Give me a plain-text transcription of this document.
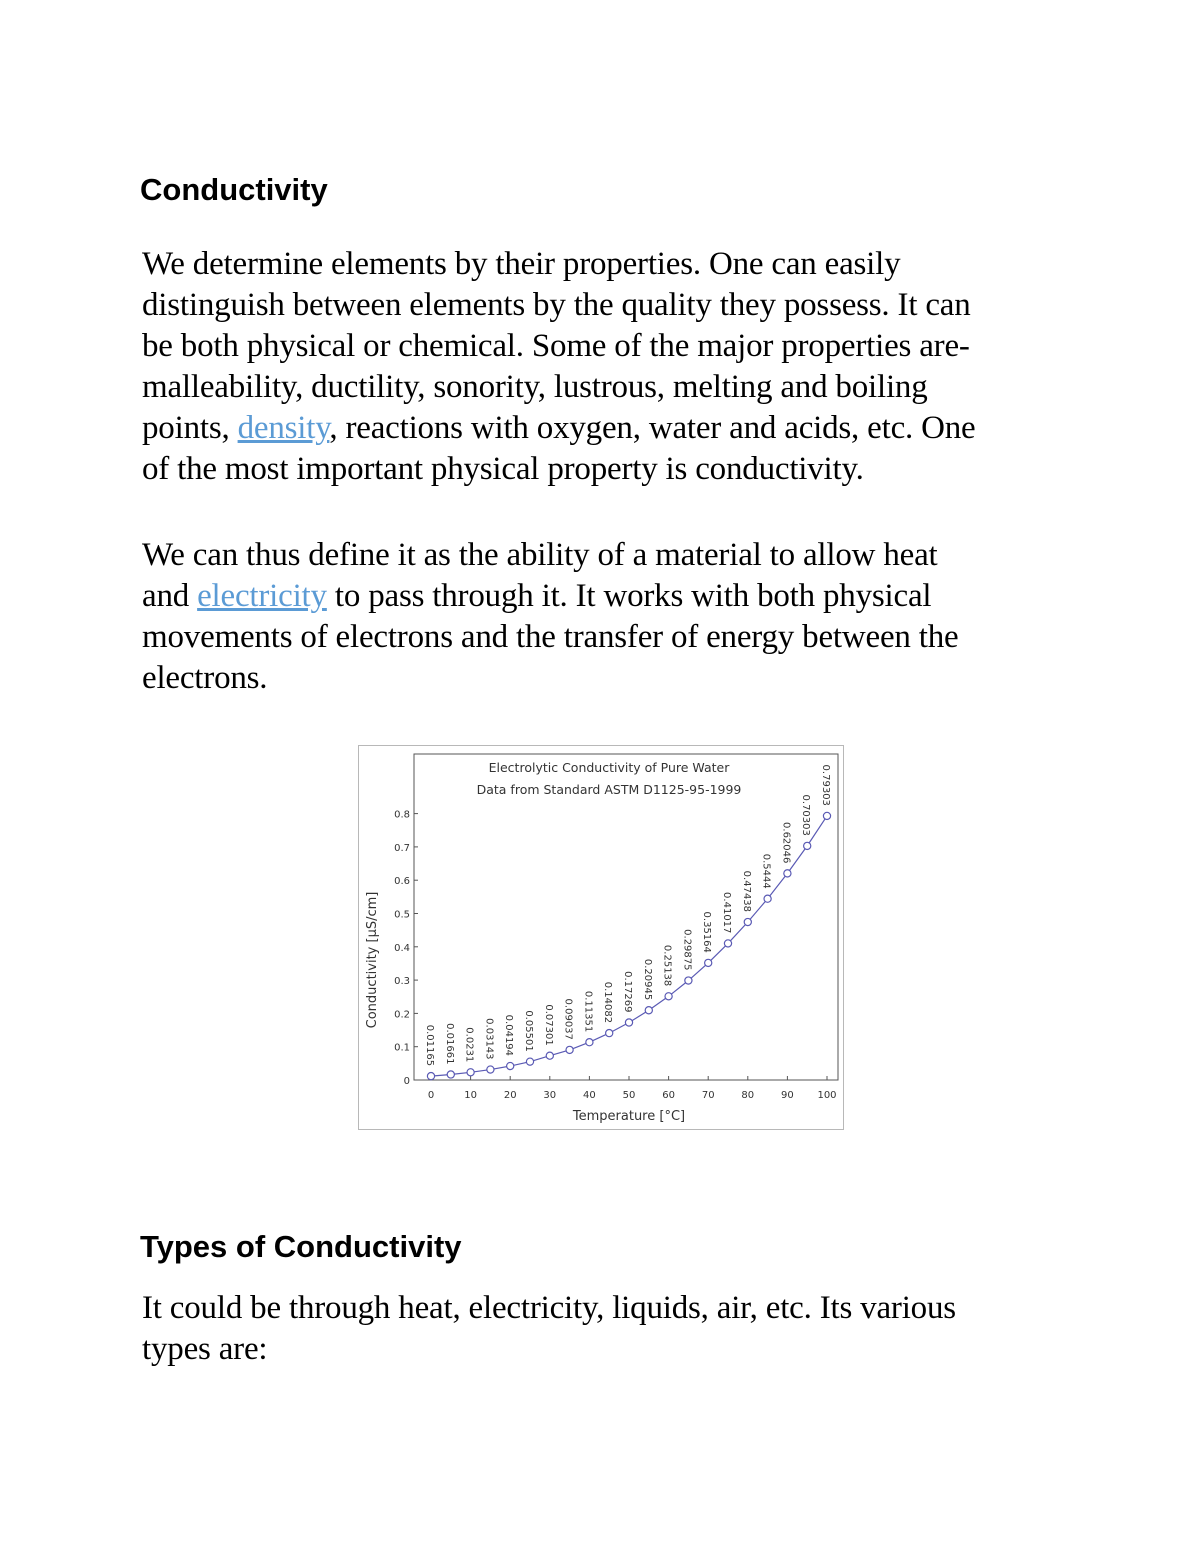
Conductivity

We determine elements by their properties. One can easily
distinguish between elements by the quality they possess. It can
be both physical or chemical. Some of the major properties are-
malleability, ductility, sonority, lustrous, melting and boiling
points, density, reactions with oxygen, water and acids, etc. One
of the most important physical property is conductivity.

We can thus define it as the ability of a material to allow heat
and electricity to pass through it. It works with both physical
movements of electrons and the transfer of energy between the
electrons.

Electrolytic Conductivity of Pure Water
Data from Standard ASTM D1125-95-1999
Temperature [°C]
Conductivity [µS/cm]
0
0.1
0.2
0.3
0.4
0.5
0.6
0.7
0.8
0	10	20	30	40	50	60	70	80	90 100
0.01165 0.01661 0.0231 0.03143 0.04194 0.05501 0.07301 0.09037 0.11351 0.14082 0.17269 0.20945 0.25138 0.29875 0.35164 0.41017
0.47438 0.5444
0.62046
0.70303
0.79303
Types of Conductivity

It could be through heat, electricity, liquids, air, etc. Its various
types are:
